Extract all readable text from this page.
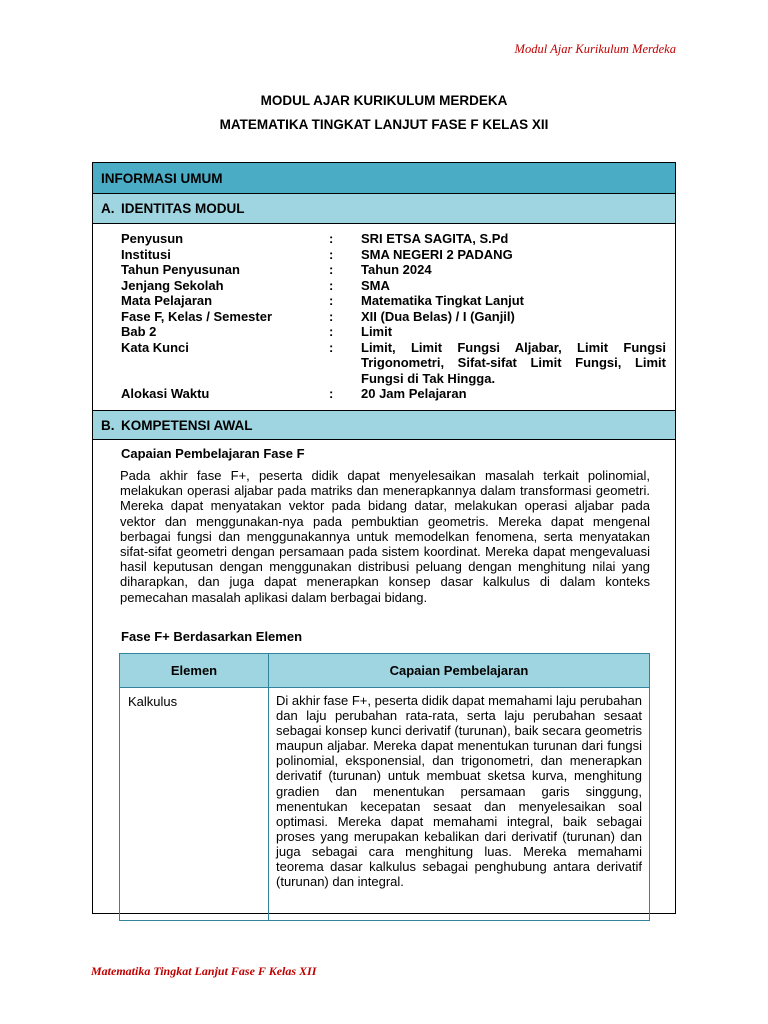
Modul Ajar Kurikulum Merdeka
MODUL AJAR KURIKULUM MERDEKA
MATEMATIKA TINGKAT LANJUT FASE F KELAS XII
INFORMASI UMUM
A. IDENTITAS MODUL
Penyusun	:	SRI ETSA SAGITA, S.Pd
Institusi	:	SMA NEGERI 2 PADANG
Tahun Penyusunan	:	Tahun 2024
Jenjang Sekolah	:	SMA
Mata Pelajaran	:	Matematika Tingkat Lanjut
Fase F, Kelas / Semester	:	XII (Dua Belas) / I (Ganjil)
Bab 2	:	Limit
Kata Kunci	:	Limit, Limit Fungsi Aljabar, Limit Fungsi Trigonometri, Sifat-sifat Limit Fungsi, Limit Fungsi di Tak Hingga.
Alokasi Waktu	:	20 Jam Pelajaran
B. KOMPETENSI AWAL
Capaian Pembelajaran Fase F
Pada akhir fase F+, peserta didik dapat menyelesaikan masalah terkait polinomial, melakukan operasi aljabar pada matriks dan menerapkannya dalam transformasi geometri. Mereka dapat menyatakan vektor pada bidang datar, melakukan operasi aljabar pada vektor dan menggunakan-nya pada pembuktian geometris. Mereka dapat mengenal berbagai fungsi dan menggunakannya untuk memodelkan fenomena, serta menyatakan sifat-sifat geometri dengan persamaan pada sistem koordinat. Mereka dapat mengevaluasi hasil keputusan dengan menggunakan distribusi peluang dengan menghitung nilai yang diharapkan, dan juga dapat menerapkan konsep dasar kalkulus di dalam konteks pemecahan masalah aplikasi dalam berbagai bidang.
Fase F+ Berdasarkan Elemen
Elemen	Capaian Pembelajaran
Kalkulus	Di akhir fase F+, peserta didik dapat memahami laju perubahan dan laju perubahan rata-rata, serta laju perubahan sesaat sebagai konsep kunci derivatif (turunan), baik secara geometris maupun aljabar. Mereka dapat menentukan turunan dari fungsi polinomial, eksponensial, dan trigonometri, dan menerapkan derivatif (turunan) untuk membuat sketsa kurva, menghitung gradien dan menentukan persamaan garis singgung, menentukan kecepatan sesaat dan menyelesaikan soal optimasi. Mereka dapat memahami integral, baik sebagai proses yang merupakan kebalikan dari derivatif (turunan) dan juga sebagai cara menghitung luas. Mereka memahami teorema dasar kalkulus sebagai penghubung antara derivatif (turunan) dan integral.
Matematika Tingkat Lanjut Fase F Kelas XII
